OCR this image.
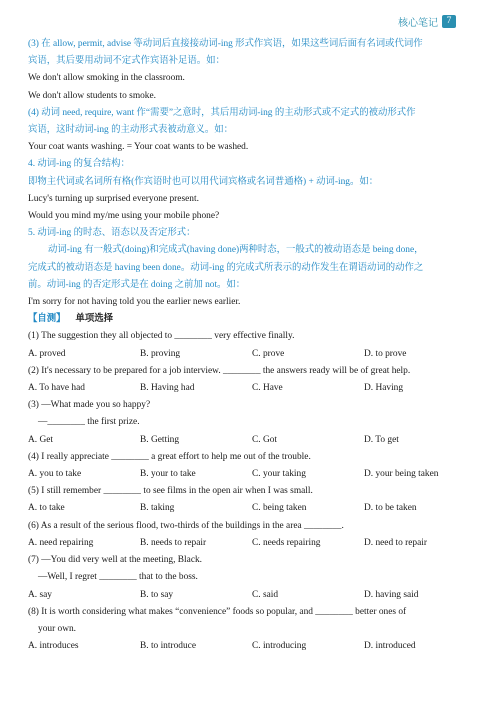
核心笔记 7
(3) 在 allow, permit, advise 等动词后直接接动词-ing 形式作宾语，如果这些词后面有名词或代词作
宾语，其后要用动词不定式作宾语补足语。如：
We don't allow smoking in the classroom.
We don't allow students to smoke.
(4) 动词 need, require, want 作“需要”之意时，其后用动词-ing 的主动形式或不定式的被动形式作
宾语，这时动词-ing 的主动形式表被动意义。如：
Your coat wants washing. = Your coat wants to be washed.
4. 动词-ing 的复合结构：
即物主代词或名词所有格(作宾语时也可以用代词宾格或名词普通格) + 动词-ing。如：
Lucy's turning up surprised everyone present.
Would you mind my/me using your mobile phone?
5. 动词-ing 的时态、语态以及否定形式：
动词-ing 有一般式(doing)和完成式(having done)两种时态，一般式的被动语态是 being done，
完成式的被动语态是 having been done。动词-ing 的完成式所表示的动作发生在谓语动词的动作之
前。动词-ing 的否定形式是在 doing 之前加 not。如：
I'm sorry for not having told you the earlier news earlier.
【自测】 单项选择
(1) The suggestion they all objected to ________ very effective finally.
A. proved	B. proving	C. prove	D. to prove
(2) It's necessary to be prepared for a job interview. ________ the answers ready will be of great help.
A. To have had	B. Having had	C. Have	D. Having
(3) —What made you so happy?
—________ the first prize.
A. Get	B. Getting	C. Got	D. To get
(4) I really appreciate ________ a great effort to help me out of the trouble.
A. you to take	B. your to take	C. your taking	D. your being taken
(5) I still remember ________ to see films in the open air when I was small.
A. to take	B. taking	C. being taken	D. to be taken
(6) As a result of the serious flood, two-thirds of the buildings in the area ________.
A. need repairing	B. needs to repair	C. needs repairing	D. need to repair
(7) —You did very well at the meeting, Black.
—Well, I regret ________ that to the boss.
A. say	B. to say	C. said	D. having said
(8) It is worth considering what makes “convenience” foods so popular, and ________ better ones of
your own.
A. introduces	B. to introduce	C. introducing	D. introduced
